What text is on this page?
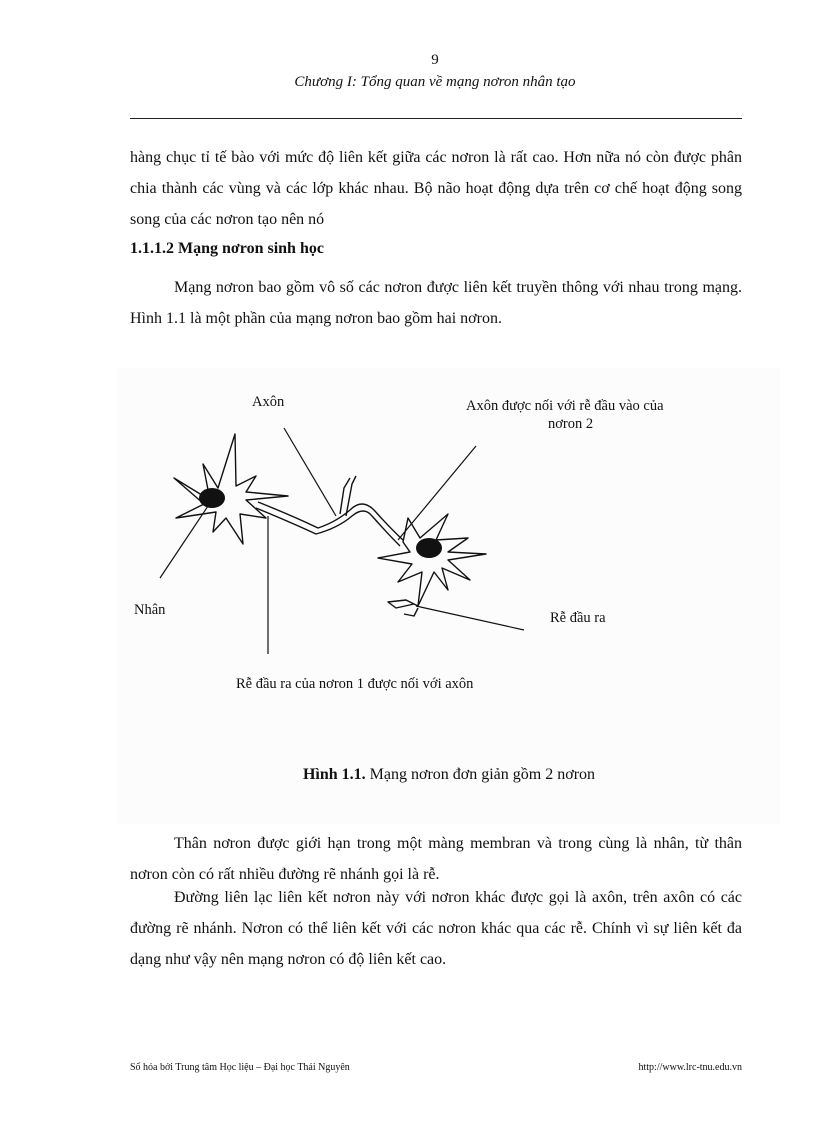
9
Chương I: Tổng quan về mạng nơron nhân tạo

hàng chục tỉ tế bào với mức độ liên kết giữa các nơron là rất cao. Hơn nữa nó còn được phân chia thành các vùng và các lớp khác nhau. Bộ não hoạt động dựa trên cơ chế hoạt động song song của các nơron tạo nên nó

1.1.1.2 Mạng nơron sinh học

Mạng nơron bao gồm vô số các nơron được liên kết truyền thông với nhau trong mạng. Hình 1.1 là một phần của mạng nơron bao gồm hai nơron.

Axôn	Axôn được nối với rễ đầu vào của
nơron 2
Nhân	Rễ đầu ra
Rễ đầu ra của nơron 1 được nối với axôn
Hình 1.1. Mạng nơron đơn giản gồm 2 nơron

Thân nơron được giới hạn trong một màng membran và trong cùng là nhân, từ thân nơron còn có rất nhiều đường rẽ nhánh gọi là rễ.

Đường liên lạc liên kết nơron này với nơron khác được gọi là axôn, trên axôn có các đường rẽ nhánh. Nơron có thể liên kết với các nơron khác qua các rễ. Chính vì sự liên kết đa dạng như vậy nên mạng nơron có độ liên kết cao.

Số hóa bởi Trung tâm Học liệu – Đại học Thái Nguyên	http://www.lrc-tnu.edu.vn
